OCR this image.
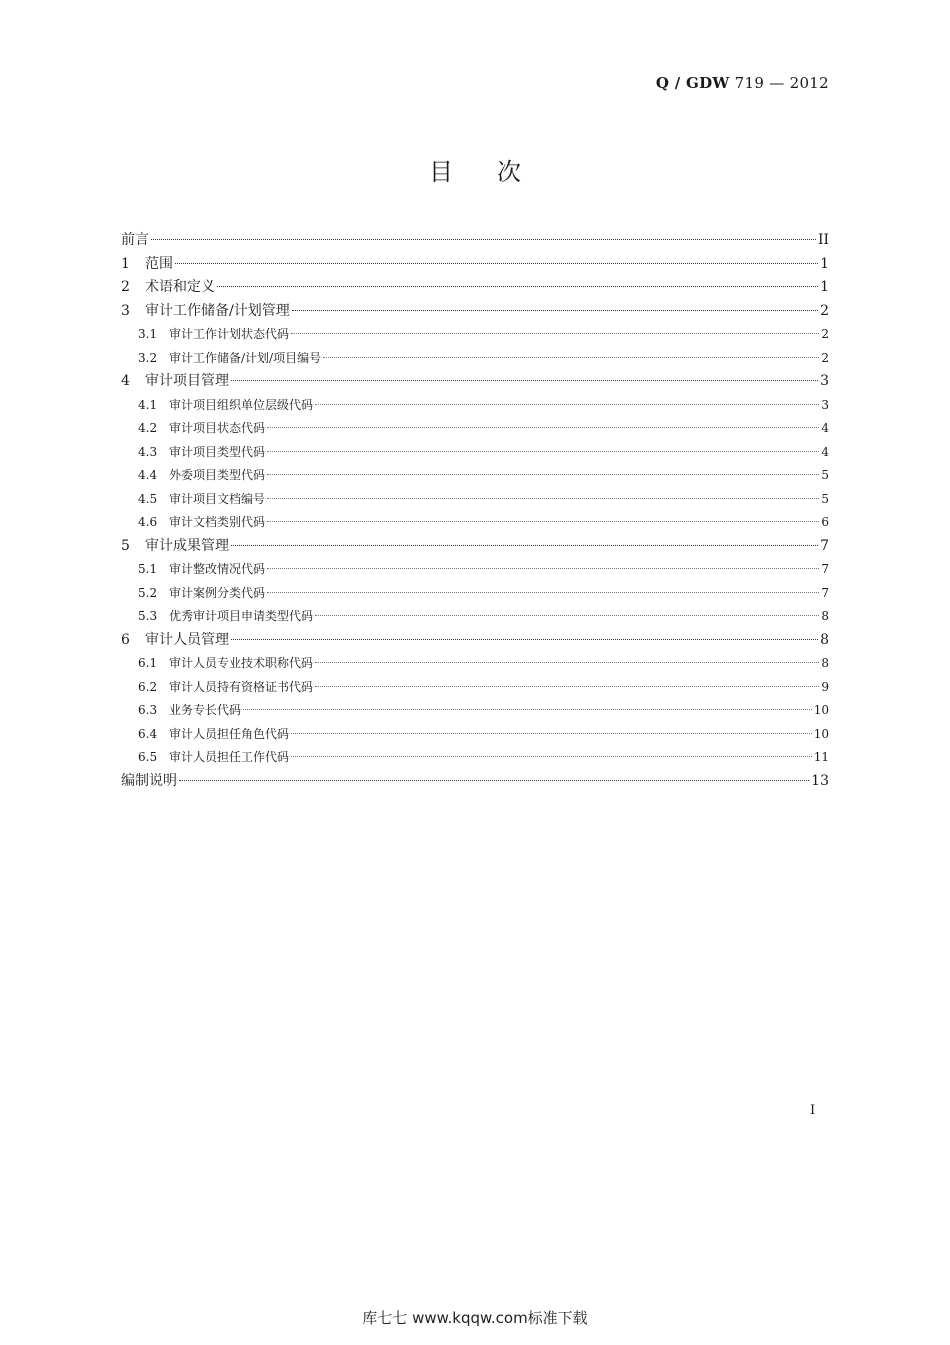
Q / GDW 719 — 2012
目次
前言	II
1	范围	1
2	术语和定义	1
3	审计工作储备/计划管理	2
3.1 审计工作计划状态代码	2
3.2 审计工作储备/计划/项目编号	2
4	审计项目管理	3
4.1 审计项目组织单位层级代码	3
4.2 审计项目状态代码	4
4.3 审计项目类型代码	4
4.4 外委项目类型代码	5
4.5 审计项目文档编号	5
4.6 审计文档类别代码	6
5	审计成果管理	7
5.1 审计整改情况代码	7
5.2 审计案例分类代码	7
5.3 优秀审计项目申请类型代码	8
6	审计人员管理	8
6.1 审计人员专业技术职称代码	8
6.2 审计人员持有资格证书代码	9
6.3 业务专长代码	10
6.4 审计人员担任角色代码	10
6.5 审计人员担任工作代码	11
编制说明	13
I
库七七 www.kqqw.com标准下载
